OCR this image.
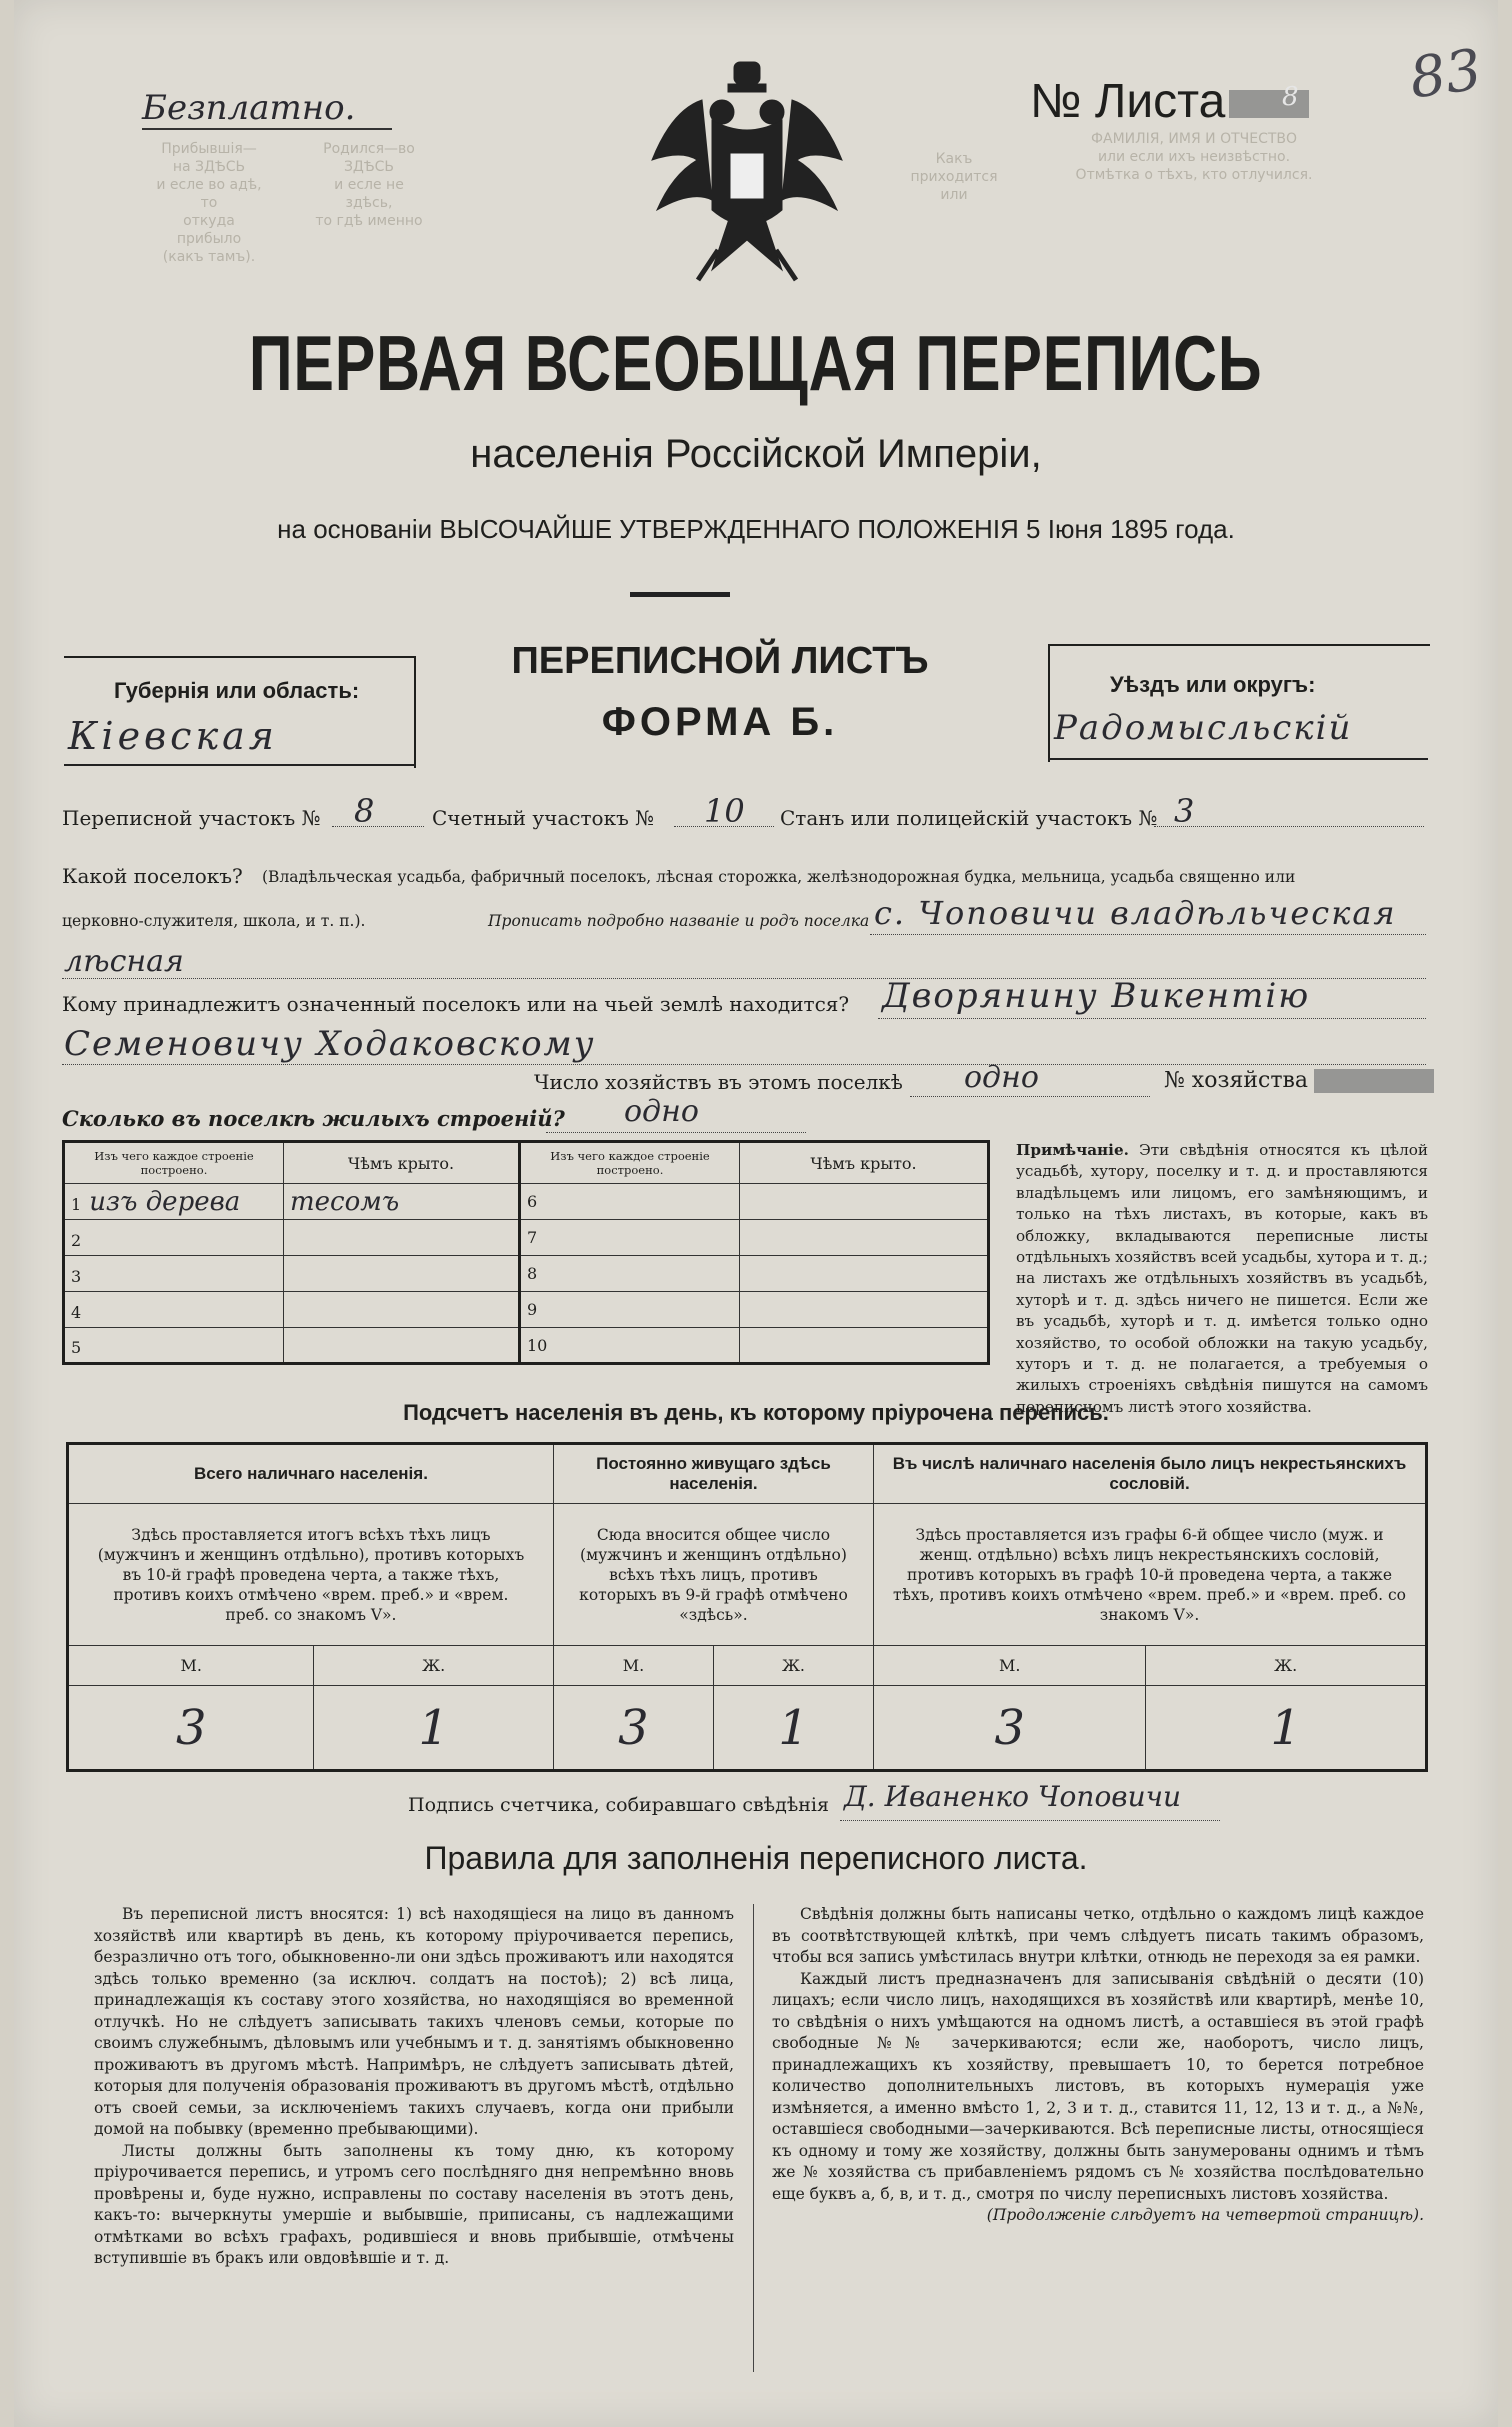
Прибывшія—на ЗДѢСЬ
и есле во адѣ, то
откуда прибыло
(какъ тамъ).
Родился—во ЗДѢСЬ
и есле не здѣсь,
то гдѣ именно
Какъ
приходится
или
ФАМИЛІЯ, ИМЯ И ОТЧЕСТВО
или если ихъ неизвѣстно.
Отмѣтка о тѣхъ, кто отлучился.
Безплатно.	№ Листа	8 83
ПЕРВАЯ ВСЕОБЩАЯ ПЕРЕПИСЬ
населенія Россійской Имперіи,
на основаніи ВЫСОЧАЙШЕ УТВЕРЖДЕННАГО ПОЛОЖЕНІЯ 5 Іюня 1895 года.
Губернія или область:
Кіевская
ПЕРЕПИСНОЙ ЛИСТЪ
ФОРМА Б.
Уѣздъ или округъ:
Радомысльскій
Переписной участокъ № 8	Счетный участокъ № 10 Станъ или полицейскій участокъ № 3
Какой поселокъ? (Владѣльческая усадьба, фабричный поселокъ, лѣсная сторожка, желѣзнодорожная будка, мельница, усадьба священно или
церковно-служителя, школа, и т. п.).	Прописать подробно названіе и родъ поселка с. Чоповичи владѣльческая
лѣсная
Кому принадлежитъ означенный поселокъ или на чьей землѣ находится? Дворянину Викентію
Семеновичу Ходаковскому
Число хозяйствъ въ этомъ поселкѣ одно	№ хозяйства
Сколько въ поселкѣ жилыхъ строеній? одно
Изъ чего каждое строеніе построено.	Чѣмъ крыто.	Изъ чего каждое строеніе построено.	Чѣмъ крыто.
1 изъ дерева	тесомъ	6	
2		7	
3		8	
4		9	
5		10	
Примѣчаніе. Эти свѣдѣнія относятся къ цѣлой усадьбѣ, хутору, поселку и т. д. и проставляются владѣльцемъ или лицомъ, его замѣняющимъ, и только на тѣхъ листахъ, въ которые, какъ въ обложку, вкладываются переписные листы отдѣльныхъ хозяйствъ всей усадьбы, хутора и т. д.; на листахъ же отдѣльныхъ хозяйствъ въ усадьбѣ, хуторѣ и т. д. здѣсь ничего не пишется. Если же въ усадьбѣ, хуторѣ и т. д. имѣется только одно хозяйство, то особой обложки на такую усадьбу, хуторъ и т. д. не полагается, а требуемыя о жилыхъ строеніяхъ свѣдѣнія пишутся на самомъ переписномъ листѣ этого хозяйства.
Подсчетъ населенія въ день, къ которому пріурочена перепись.
Всего наличнаго населенія.		Постоянно живущаго здѣсь населенія.		Въ числѣ наличнаго населенія было лицъ некрестьянскихъ сословій.	
Здѣсь проставляется итогъ всѣхъ тѣхъ лицъ (мужчинъ и женщинъ отдѣльно), противъ которыхъ въ 10-й графѣ проведена черта, а также тѣхъ, противъ коихъ отмѣчено «врем. преб.» и «врем. преб. со знакомъ V».		Сюда вносится общее число (мужчинъ и женщинъ отдѣльно) всѣхъ тѣхъ лицъ, противъ которыхъ въ 9-й графѣ отмѣчено «здѣсь».		Здѣсь проставляется изъ графы 6-й общее число (муж. и женщ. отдѣльно) всѣхъ лицъ некрестьянскихъ сословій, противъ которыхъ въ графѣ 10-й проведена черта, а также тѣхъ, противъ коихъ отмѣчено «врем. преб.» и «врем. преб. со знакомъ V».	
М.	Ж.	М.	Ж.	М.	Ж.
3	1	3	1	3	1
Подпись счетчика, собиравшаго свѣдѣнія Д. Иваненко Чоповичи
Правила для заполненія переписного листа.

Въ переписной листъ вносятся: 1) всѣ находящіеся на лицо въ данномъ хозяйствѣ или квартирѣ въ день, къ которому пріурочивается перепись, безразлично отъ того, обыкновенно-ли они здѣсь проживаютъ или находятся здѣсь только временно (за исключ. солдатъ на постоѣ); 2) всѣ лица, принадлежащія къ составу этого хозяйства, но находящіяся во временной отлучкѣ. Но не слѣдуетъ записывать такихъ членовъ семьи, которые по своимъ служебнымъ, дѣловымъ или учебнымъ и т. д. занятіямъ обыкновенно проживаютъ въ другомъ мѣстѣ. Напримѣръ, не слѣдуетъ записывать дѣтей, которыя для полученія образованія проживаютъ въ другомъ мѣстѣ, отдѣльно отъ своей семьи, за исключеніемъ такихъ случаевъ, когда они прибыли домой на побывку (временно пребывающими).

Листы должны быть заполнены къ тому дню, къ которому пріурочивается перепись, и утромъ сего послѣдняго дня непремѣнно вновь провѣрены и, буде нужно, исправлены по составу населенія въ этотъ день, какъ-то: вычеркнуты умершіе и выбывшіе, приписаны, съ надлежащими отмѣтками во всѣхъ графахъ, родившіеся и вновь прибывшіе, отмѣчены вступившіе въ бракъ или овдовѣвшіе и т. д.

Свѣдѣнія должны быть написаны четко, отдѣльно о каждомъ лицѣ каждое въ соотвѣтствующей клѣткѣ, при чемъ слѣдуетъ писать такимъ образомъ, чтобы вся запись умѣстилась внутри клѣтки, отнюдь не переходя за ея рамки.

Каждый листъ предназначенъ для записыванія свѣдѣній о десяти (10) лицахъ; если число лицъ, находящихся въ хозяйствѣ или квартирѣ, менѣе 10, то свѣдѣнія о нихъ умѣщаются на одномъ листѣ, а оставшіеся въ этой графѣ свободные №№ зачеркиваются; если же, наоборотъ, число лицъ, принадлежащихъ къ хозяйству, превышаетъ 10, то берется потребное количество дополнительныхъ листовъ, въ которыхъ нумерація уже измѣняется, а именно вмѣсто 1, 2, 3 и т. д., ставится 11, 12, 13 и т. д., а №№, оставшіеся свободными—зачеркиваются. Всѣ переписные листы, относящіеся къ одному и тому же хозяйству, должны быть занумерованы однимъ и тѣмъ же № хозяйства съ прибавленіемъ рядомъ съ № хозяйства послѣдовательно еще буквъ а, б, в, и т. д., смотря по числу переписныхъ листовъ хозяйства.

(Продолженіе слѣдуетъ на четвертой страницѣ).
